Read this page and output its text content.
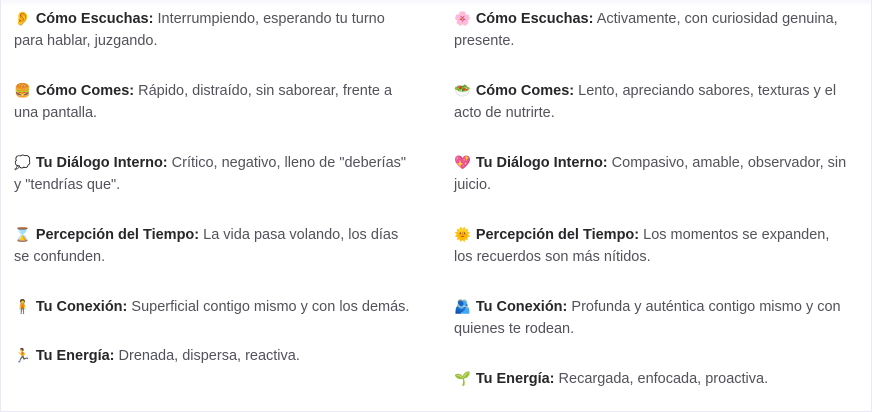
👂 Cómo Escuchas: Interrumpiendo, esperando tu turno para hablar, juzgando.

🍔 Cómo Comes: Rápido, distraído, sin saborear, frente a una pantalla.

💭 Tu Diálogo Interno: Crítico, negativo, lleno de "deberías" y "tendrías que".

⌛ Percepción del Tiempo: La vida pasa volando, los días se confunden.

🧍 Tu Conexión: Superficial contigo mismo y con los demás.

🏃 Tu Energía: Drenada, dispersa, reactiva.

🌸 Cómo Escuchas: Activamente, con curiosidad genuina, presente.

🥗 Cómo Comes: Lento, apreciando sabores, texturas y el acto de nutrirte.

💖 Tu Diálogo Interno: Compasivo, amable, observador, sin juicio.

🌞 Percepción del Tiempo: Los momentos se expanden, los recuerdos son más nítidos.

🫂 Tu Conexión: Profunda y auténtica contigo mismo y con quienes te rodean.

🌱 Tu Energía: Recargada, enfocada, proactiva.
